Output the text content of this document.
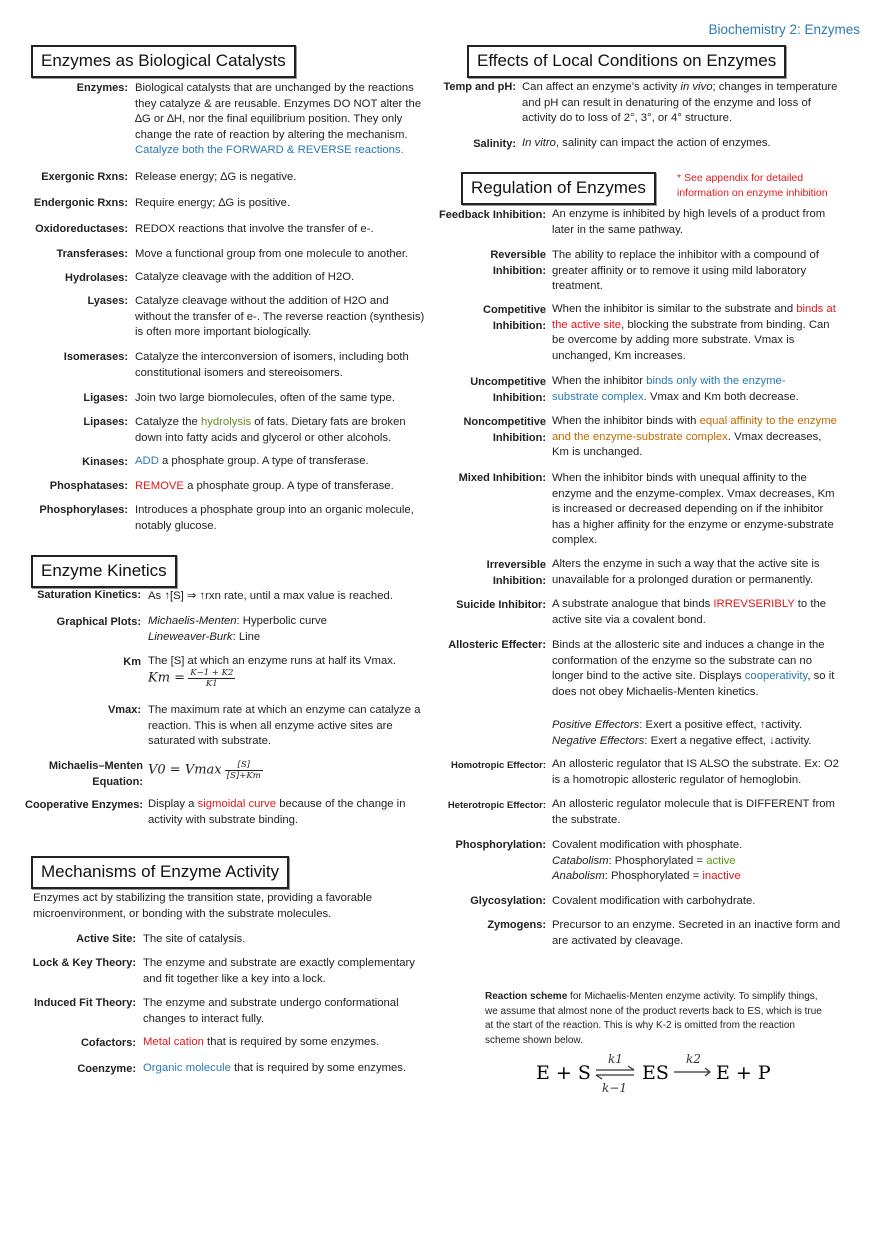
Biochemistry 2: Enzymes
Enzymes as Biological Catalysts
Enzymes: Biological catalysts that are unchanged by the reactions they catalyze & are reusable. Enzymes DO NOT alter the ∆G or ∆H, nor the final equilibrium position. They only change the rate of reaction by altering the mechanism. Catalyze both the FORWARD & REVERSE reactions.
Exergonic Rxns: Release energy; ∆G is negative.
Endergonic Rxns: Require energy; ∆G is positive.
Oxidoreductases: REDOX reactions that involve the transfer of e-.
Transferases: Move a functional group from one molecule to another.
Hydrolases: Catalyze cleavage with the addition of H2O.
Lyases: Catalyze cleavage without the addition of H2O and without the transfer of e-. The reverse reaction (synthesis) is often more important biologically.
Isomerases: Catalyze the interconversion of isomers, including both constitutional isomers and stereoisomers.
Ligases: Join two large biomolecules, often of the same type.
Lipases: Catalyze the hydrolysis of fats. Dietary fats are broken down into fatty acids and glycerol or other alcohols.
Kinases: ADD a phosphate group. A type of transferase.
Phosphatases: REMOVE a phosphate group. A type of transferase.
Phosphorylases: Introduces a phosphate group into an organic molecule, notably glucose.
Enzyme Kinetics
Saturation Kinetics: As ↑[S] ⇒ ↑rxn rate, until a max value is reached.
Graphical Plots: Michaelis-Menten: Hyperbolic curve
Lineweaver-Burk: Line
Km The [S] at which an enzyme runs at half its Vmax.
$Km = \frac{K-1 + K2}{K1}$
Vmax: The maximum rate at which an enzyme can catalyze a reaction. This is when all enzyme active sites are saturated with substrate.
Michaelis–Menten Equation:
V0 = Vmax $\frac{[S]}{[S]+Km}$
Cooperative Enzymes: Display a sigmoidal curve because of the change in activity with substrate binding.
Mechanisms of Enzyme Activity
Enzymes act by stabilizing the transition state, providing a favorable microenvironment, or bonding with the substrate molecules.
Active Site: The site of catalysis.
Lock & Key Theory: The enzyme and substrate are exactly complementary and fit together like a key into a lock.
Induced Fit Theory: The enzyme and substrate undergo conformational changes to interact fully.
Cofactors: Metal cation that is required by some enzymes.
Coenzyme: Organic molecule that is required by some enzymes.
Effects of Local Conditions on Enzymes
Temp and pH: Can affect an enzyme’s activity in vivo; changes in temperature and pH can result in denaturing of the enzyme and loss of activity do to loss of 2°, 3°, or 4° structure.
Salinity: In vitro, salinity can impact the action of enzymes.
Regulation of Enzymes	* See appendix for detailed information on enzyme inhibition
Feedback Inhibition: An enzyme is inhibited by high levels of a product from later in the same pathway.
Reversible Inhibition:
The ability to replace the inhibitor with a compound of greater affinity or to remove it using mild laboratory treatment.
Competitive Inhibition:
When the inhibitor is similar to the substrate and binds at the active site, blocking the substrate from binding. Can be overcome by adding more substrate. Vmax is unchanged, Km increases.
Uncompetitive Inhibition:
When the inhibitor binds only with the enzyme-substrate complex. Vmax and Km both decrease.
Noncompetitive Inhibition:
When the inhibitor binds with equal affinity to the enzyme and the enzyme-substrate complex. Vmax decreases, Km is unchanged.
Mixed Inhibition: When the inhibitor binds with unequal affinity to the enzyme and the enzyme-complex. Vmax decreases, Km is increased or decreased depending on if the inhibitor has a higher affinity for the enzyme or enzyme-substrate complex.
Irreversible Inhibition:
Alters the enzyme in such a way that the active site is unavailable for a prolonged duration or permanently.
Suicide Inhibitor: A substrate analogue that binds IRREVSERIBLY to the active site via a covalent bond.
Allosteric Effecter: Binds at the allosteric site and induces a change in the conformation of the enzyme so the substrate can no longer bind to the active site. Displays cooperativity, so it does not obey Michaelis-Menten kinetics.
Positive Effectors: Exert a positive effect, ↑activity.
Negative Effectors: Exert a negative effect, ↓activity.
Homotropic Effector: An allosteric regulator that IS ALSO the substrate. Ex: O2 is a homotropic allosteric regulator of hemoglobin.
Heterotropic Effector: An allosteric regulator molecule that is DIFFERENT from the substrate.
Phosphorylation: Covalent modification with phosphate.
Catabolism: Phosphorylated = active
Anabolism: Phosphorylated = inactive
Glycosylation: Covalent modification with carbohydrate.
Zymogens: Precursor to an enzyme. Secreted in an inactive form and are activated by cleavage.
Reaction scheme for Michaelis-Menten enzyme activity. To simplify things, we assume that almost none of the product reverts back to ES, which is true at the start of the reaction. This is why K-2 is omitted from the reaction scheme shown below.
E + S
k1
k−1
ES
k2
E + P
